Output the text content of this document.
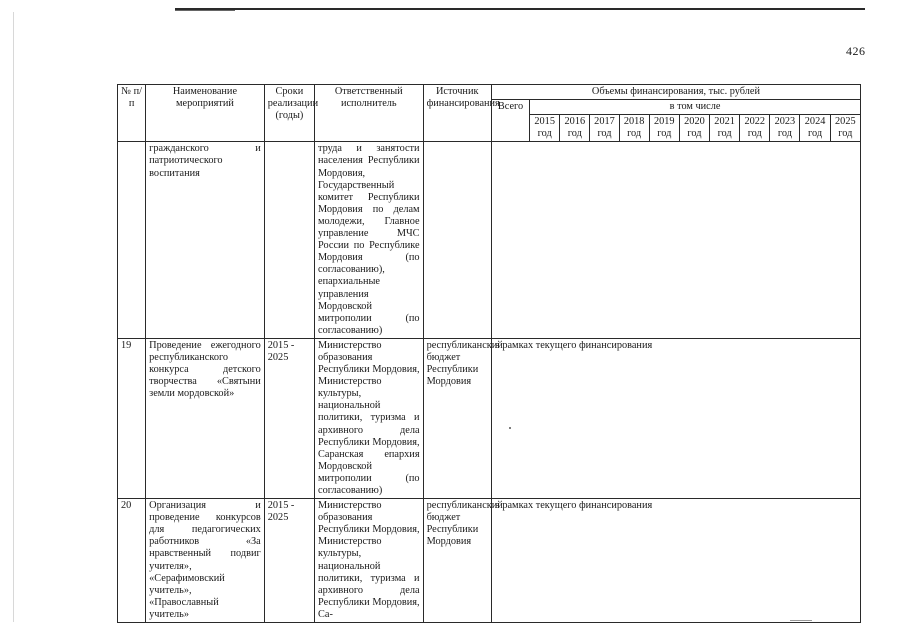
426
№ п/п	Наименование мероприятий	Сроки реализации (годы)	Ответственный исполнитель	Источник финансирования	Объемы финансирования, тыс. рублей											
					Всего	в том числе										
						2015 год	2016 год	2017 год	2018 год	2019 год	2020 год	2021 год	2022 год	2023 год	2024 год	2025 год
	гражданского и патриотического воспитания		труда и занятости населения Республики Мордовия, Государственный комитет Республики Мордовия по делам молодежи, Главное управление МЧС России по Республике Мордовия (по согласованию), епархиальные управления Мордовской митрополии (по согласованию)													
19	Проведение ежегодного республиканского конкурса детского творчества «Святыни земли мордовской»	2015 - 2025	Министерство образования Республики Мордовия, Министерство культуры, национальной политики, туризма и архивного дела Республики Мордовия, Саранская епархия Мордовской митрополии (по согласованию)	республиканский бюджет Республики Мордовия	в рамках текущего финансирования											
20	Организация и проведение конкурсов для педагогических работников «За нравственный подвиг учителя», «Серафимовский учитель», «Православный учитель»	2015 - 2025	Министерство образования Республики Мордовия, Министерство культуры, национальной политики, туризма и архивного дела Республики Мордовия, Са-	республиканский бюджет Республики Мордовия	в рамках текущего финансирования											
